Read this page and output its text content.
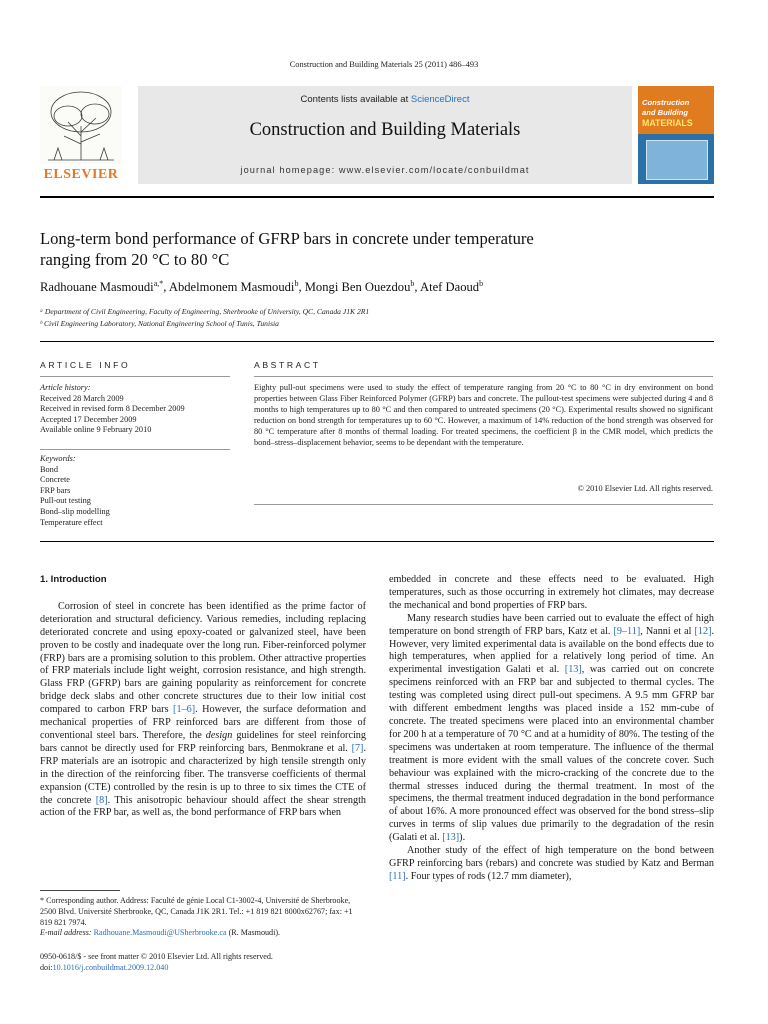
Construction and Building Materials 25 (2011) 486–493
ELSEVIER
Contents lists available at ScienceDirect
Construction and Building Materials
journal homepage: www.elsevier.com/locate/conbuildmat
Construction
and Building
MATERIALS
Long-term bond performance of GFRP bars in concrete under temperature
ranging from 20 °C to 80 °C
Radhouane Masmoudi$^{a,*}$, Abdelmonem Masmoudi$^b$, Mongi Ben Ouezdou$^b$, Atef Daoud$^b$
ᵃ Department of Civil Engineering, Faculty of Engineering, Sherbrooke of University, QC, Canada J1K 2R1
ᵇ Civil Engineering Laboratory, National Engineering School of Tunis, Tunisia
ARTICLE INFO
Article history:
Received 28 March 2009
Received in revised form 8 December 2009
Accepted 17 December 2009
Available online 9 February 2010
Keywords:
Bond
Concrete
FRP bars
Pull-out testing
Bond–slip modelling
Temperature effect
ABSTRACT
Eighty pull-out specimens were used to study the effect of temperature ranging from 20 °C to 80 °C in dry environment on bond properties between Glass Fiber Reinforced Polymer (GFRP) bars and concrete. The pullout-test specimens were subjected during 4 and 8 months to high temperatures up to 80 °C and then compared to untreated specimens (20 °C). Experimental results showed no significant reduction on bond strength for temperatures up to 60 °C. However, a maximum of 14% reduction of the bond strength was observed for 80 °C temperature after 8 months of thermal loading. For treated specimens, the coefficient β in the CMR model, which predicts the bond–stress–displacement behavior, seems to be dependant with the temperature.
© 2010 Elsevier Ltd. All rights reserved.

1. Introduction

Corrosion of steel in concrete has been identified as the prime factor of deterioration and structural deficiency. Various remedies, including replacing deteriorated concrete and using epoxy-coated or galvanized steel, have been proven to be costly and inadequate over the long run. Fiber-reinforced polymer (FRP) bars are a promising solution to this problem. Other attractive properties of FRP materials include light weight, corrosion resistance, and high strength. Glass FRP (GFRP) bars are gaining popularity as reinforcement for concrete bridge deck slabs and other concrete structures due to their low initial cost compared to carbon FRP bars [1–6]. However, the surface deformation and mechanical properties of FRP reinforced bars are different from those of conventional steel bars. Therefore, the design guidelines for steel reinforcing bars cannot be directly used for FRP reinforcing bars, Benmokrane et al. [7]. FRP materials are an isotropic and characterized by high tensile strength only in the direction of the reinforcing fiber. The transverse coefficients of thermal expansion (CTE) controlled by the resin is up to three to six times the CTE of the concrete [8]. This anisotropic behaviour should affect the shear strength action of the FRP bar, as well as, the bond performance of FRP bars when

embedded in concrete and these effects need to be evaluated. High temperatures, such as those occurring in extremely hot climates, may decrease the mechanical and bond properties of FRP bars.

Many research studies have been carried out to evaluate the effect of high temperature on bond strength of FRP bars, Katz et al. [9–11], Nanni et al [12]. However, very limited experimental data is available on the bond effects due to high temperatures, when applied for a relatively long period of time. An experimental investigation Galati et al. [13], was carried out on concrete specimens reinforced with an FRP bar and subjected to thermal cycles. The testing was completed using direct pull-out specimens. A 9.5 mm GFRP bar with different embedment lengths was placed inside a 152 mm-cube of concrete. The treated specimens were placed into an environmental chamber for 200 h at a temperature of 70 °C and at a humidity of 80%. The testing of the specimens was undertaken at room temperature. The influence of the thermal treatment is more evident with the small values of the concrete cover. Such behaviour was explained with the micro-cracking of the concrete due to the thermal stresses induced during the thermal treatment. In most of the specimens, the thermal treatment induced degradation in the bond performance of about 16%. A more pronounced effect was observed for the bond stress–slip curves in terms of slip values due primarily to the degradation of the resin (Galati et al. [13]).

Another study of the effect of high temperature on the bond between GFRP reinforcing bars (rebars) and concrete was studied by Katz and Berman [11]. Four types of rods (12.7 mm diameter),

* Corresponding author. Address: Faculté de génie Local C1-3002-4, Université de Sherbrooke, 2500 Blvd. Université Sherbrooke, QC, Canada J1K 2R1. Tel.: +1 819 821 8000x62767; fax: +1 819 821 7974.
E-mail address: Radhouane.Masmoudi@USherbrooke.ca (R. Masmoudi).
0950-0618/$ - see front matter © 2010 Elsevier Ltd. All rights reserved.
doi:10.1016/j.conbuildmat.2009.12.040
